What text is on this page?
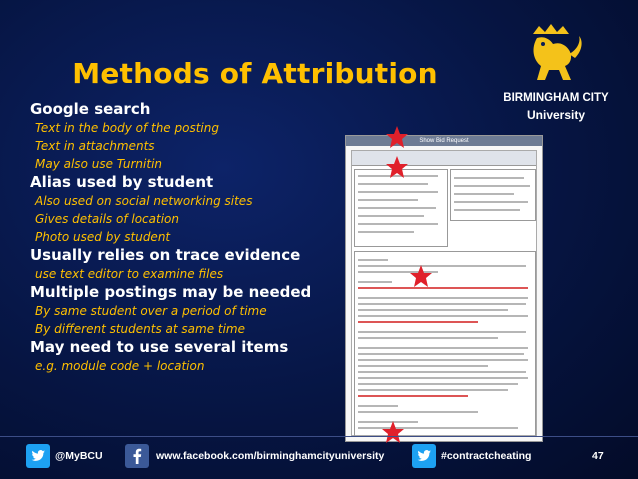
Methods of Attribution
BIRMINGHAM CITY
University
Google search
Text in the body of the posting
Text in attachments
May also use Turnitin
Alias used by student
Also used on social networking sites
Gives details of location
Photo used by student
Usually relies on trace evidence
use text editor to examine files
Multiple postings may be needed
By same student over a period of time
By different students at same time
May need to use several items
e.g. module code + location
Show Bid Request
@MyBCU	www.facebook.com/birminghamcityuniversity	#contractcheating	47
